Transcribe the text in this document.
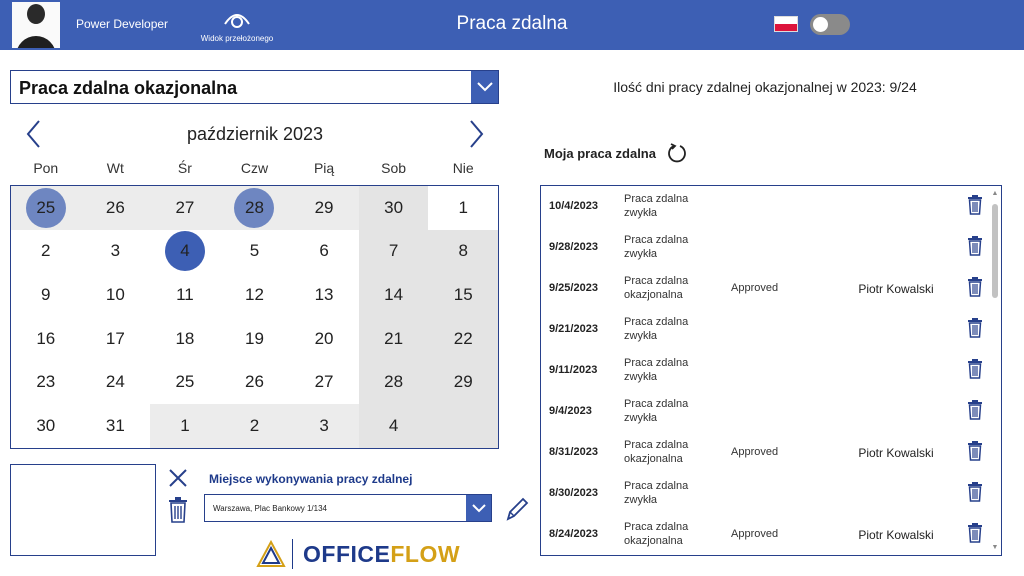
Power Developer
Widok przełożonego
Praca zdalna
Praca zdalna okazjonalna	Ilość dni pracy zdalnej okazjonalnej w 2023: 9/24
październik 2023
Pon	Wt	Śr	Czw	Pią	Sob	Nie
25	26	27	28	29	30	1
2	3	4	5	6	7	8
9	10	11	12	13	14	15
16	17	18	19	20	21	22
23	24	25	26	27	28	29
30	31	1	2	3	4
Miejsce wykonywania pracy zdalnej
Warszawa, Plac Bankowy 1/134
OFFICEFLOW
Moja praca zdalna
10/4/2023
Praca zdalna
zwykła
9/28/2023
Praca zdalna
zwykła
9/25/2023
Praca zdalna
okazjonalna
Approved	Piotr Kowalski
9/21/2023
Praca zdalna
zwykła
9/11/2023
Praca zdalna
zwykła
9/4/2023
Praca zdalna
zwykła
8/31/2023
Praca zdalna
okazjonalna
Approved	Piotr Kowalski
8/30/2023
Praca zdalna
zwykła
8/24/2023
Praca zdalna
okazjonalna
Approved	Piotr Kowalski
▲
▼
